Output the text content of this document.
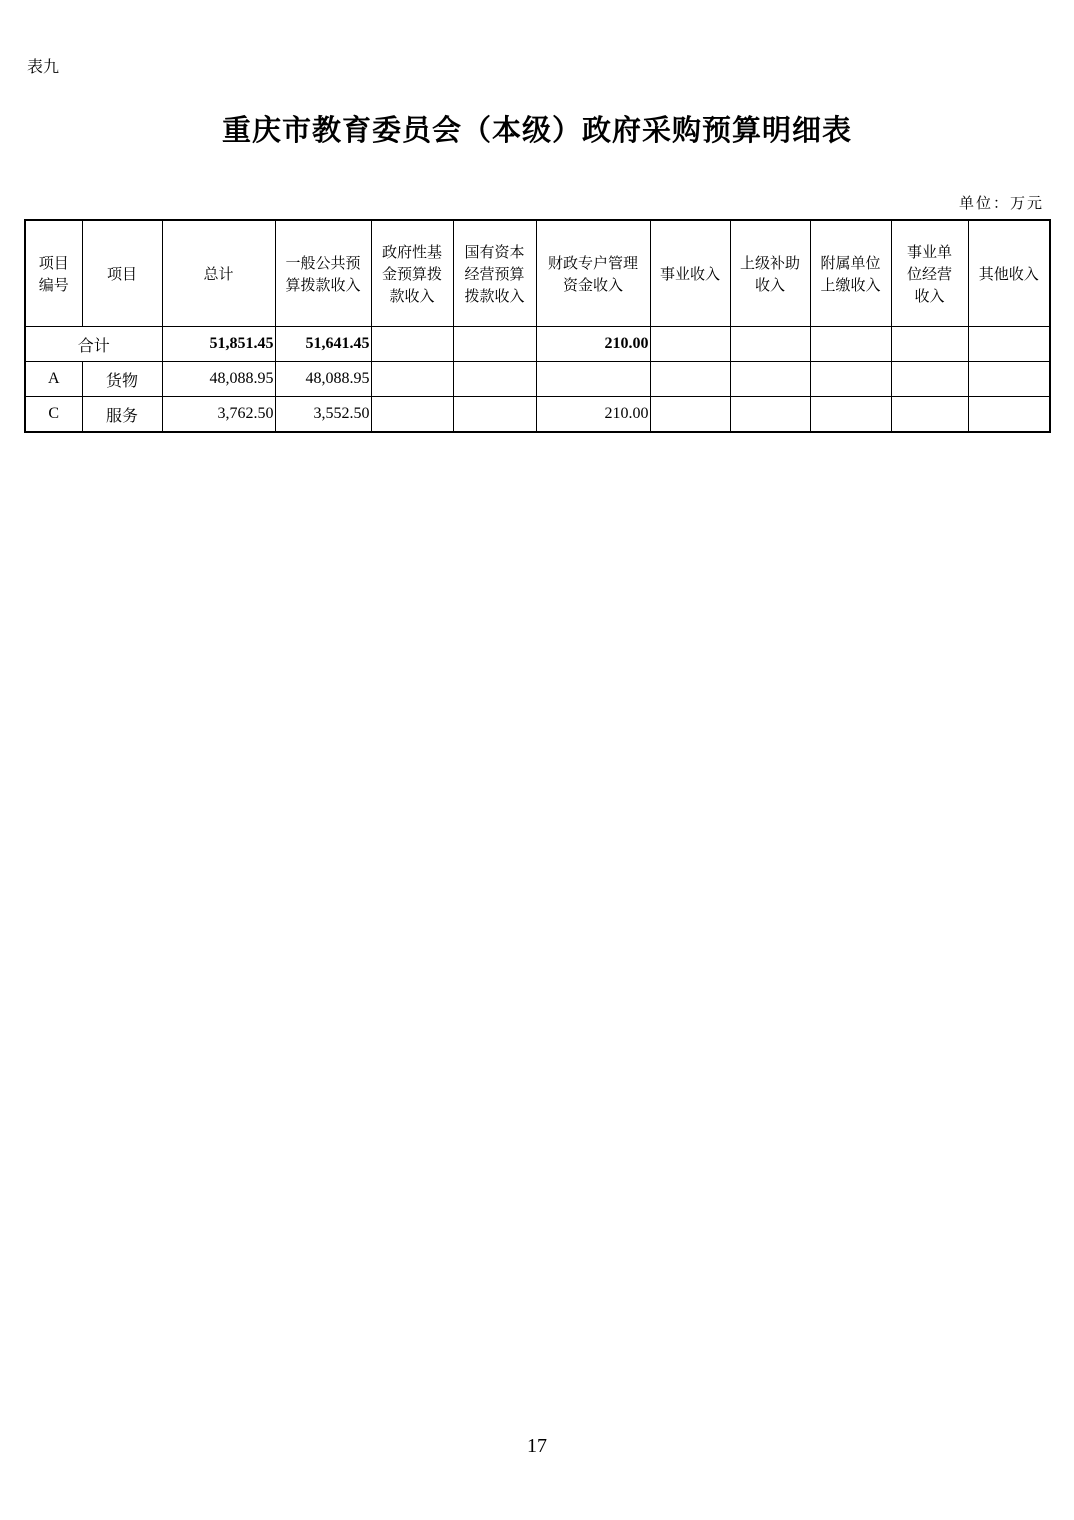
表九
重庆市教育委员会（本级）政府采购预算明细表
单位：万元
项目编号	项目	总计	一般公共预算拨款收入	政府性基金预算拨款收入	国有资本经营预算拨款收入	财政专户管理资金收入	事业收入	上级补助收入	附属单位上缴收入	事业单位经营收入	其他收入
合计		51,851.45	51,641.45			210.00					
A	货物	48,088.95	48,088.95								
C	服务	3,762.50	3,552.50			210.00					
17
